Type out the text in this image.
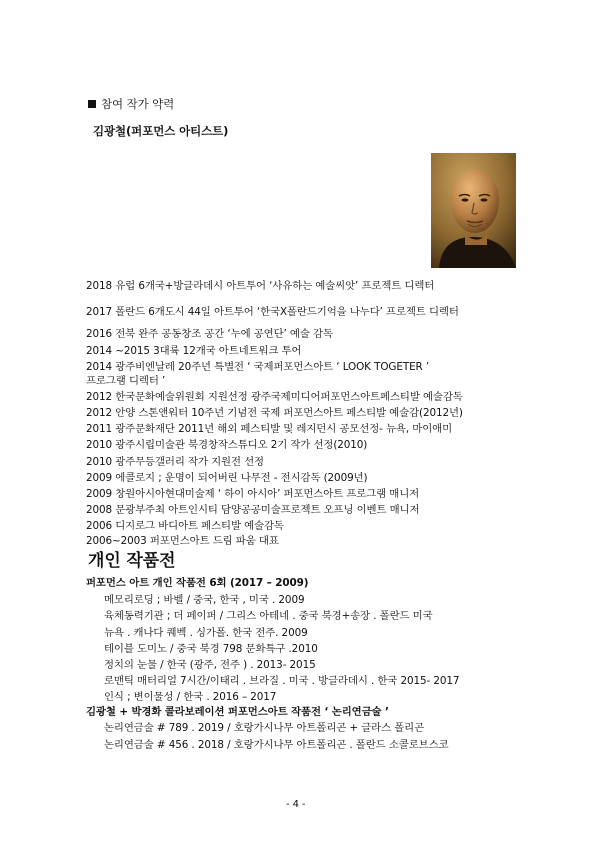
참여 작가 약력
김광철(퍼포먼스 아티스트)
2018 유럽 6개국+방글라데시 아트투어 ‘사유하는 예술씨앗’ 프로젝트 디렉터
2017 폴란드 6개도시 44일 아트투어 ‘한국X폴란드기억을 나누다’ 프로젝트 디렉터
2016 전북 완주 공동창조 공간 ‘누에 공연단’ 예술 감독
2014 ~2015 3대륙 12개국 아트네트워크 투어
2014 광주비엔날레 20주년 특별전 ‘ 국제퍼포먼스아트 ‘ LOOK TOGETER ’
프로그램 디렉터 ’
2012 한국문화예술위원회 지원선정 광주국제미디어퍼포먼스아트페스티발 예술감독
2012 안양 스톤앤워터 10주년 기념전 국제 퍼포먼스아트 페스티발 예술감(2012년)
2011 광주문화재단 2011년 해외 페스티발 및 레지던시 공모선정- 뉴욕, 마이애미
2010 광주시립미술관 북경창작스튜디오 2기 작가 선정(2010)
2010 광주무등갤러리 작가 지원전 선정
2009 에콜로지 ; 운명이 되어버린 나무전 - 전시감독 (2009년)
2009 창원아시아현대미술제 ‘ 하이 아시아’ 퍼포먼스아트 프로그램 매니저
2008 문광부주최 아트인시티 담양공공미술프로젝트 오프닝 이벤트 매니저
2006 디지로그 바디아트 페스티발 예술감독
2006~2003 퍼포먼스아트 드림 파움 대표
개인 작품전
퍼포먼스 아트 개인 작품전 6회 (2017 – 2009)
메모리로딩 ; 바벨 / 중국, 한국 , 미국 . 2009
육체동력기관 ; 더 페이퍼 / 그리스 아테네 . 중국 북경+송장 . 폴란드 미국
뉴욕 . 캐나다 퀘벡 . 싱가폴. 한국 전주. 2009
테이블 도미노 / 중국 북경 798 문화특구 .2010
정치의 눈물 / 한국 (광주, 전주 ) . 2013- 2015
로맨틱 매터리얼 7시간/이태리 . 브라질 . 미국 . 방글라데시 . 한국 2015- 2017
인식 ; 변이물성 / 한국 . 2016 – 2017
김광철 + 박경화 콜라보레이션 퍼포먼스아트 작품전 ‘ 논리연금술 ’
논리연금술 # 789 . 2019 / 호랑가시나무 아트폴리곤 + 글라스 폴리곤
논리연금술 # 456 . 2018 / 호랑가시나무 아트폴리곤 . 폴란드 소콜로브스코
- 4 -
